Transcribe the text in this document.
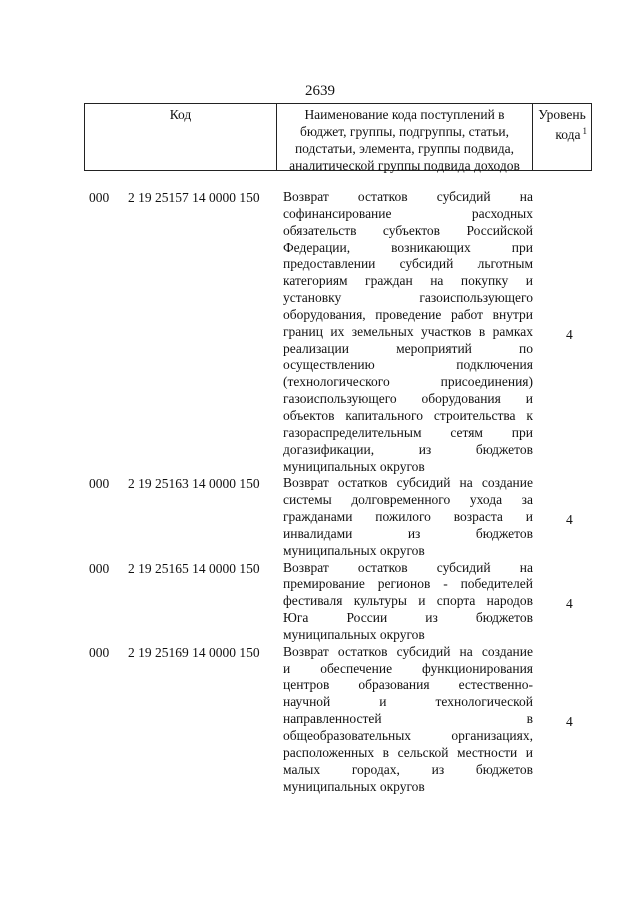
2639
Код	Наименование кода поступлений в
бюджет, группы, подгруппы, статьи,
подстатьи, элемента, группы подвида,
аналитической группы подвида доходов
Уровень
кода $^1$
000 2 19 25157 14 0000 150 Возврат остатков субсидий на
софинансирование расходных
обязательств субъектов Российской
Федерации, возникающих при
предоставлении субсидий льготным
категориям граждан на покупку и
установку газоиспользующего
оборудования, проведение работ внутри
границ их земельных участков в рамках
реализации мероприятий по
осуществлению подключения
(технологического присоединения)
газоиспользующего оборудования и
объектов капитального строительства к
газораспределительным сетям при
догазификации, из бюджетов
муниципальных округов
4
000 2 19 25163 14 0000 150 Возврат остатков субсидий на создание
системы долговременного ухода за
гражданами пожилого возраста и
инвалидами из бюджетов
муниципальных округов
4
000 2 19 25165 14 0000 150 Возврат остатков субсидий на
премирование регионов - победителей
фестиваля культуры и спорта народов
Юга России из бюджетов
муниципальных округов
4
000 2 19 25169 14 0000 150 Возврат остатков субсидий на создание
и обеспечение функционирования
центров образования естественно-
научной и технологической
направленностей в
общеобразовательных организациях,
расположенных в сельской местности и
малых городах, из бюджетов
муниципальных округов
4
